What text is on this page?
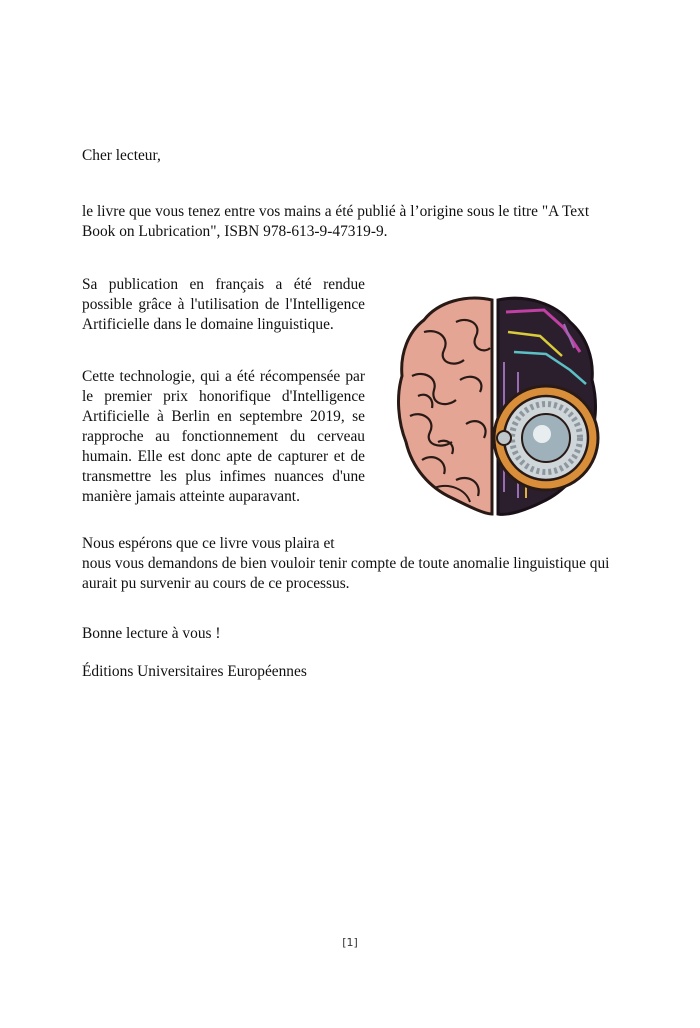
Cher lecteur,

le livre que vous tenez entre vos mains a été publié à l’origine sous le titre "A Text Book on Lubrication", ISBN 978-613-9-47319-9.

Sa publication en français a été rendue possible grâce à l'utilisation de l'Intelligence Artificielle dans le domaine linguistique.

Cette technologie, qui a été récompensée par le premier prix honorifique d'Intelligence Artificielle à Berlin en septembre 2019, se rapproche au fonctionnement du cerveau humain. Elle est donc apte de capturer et de transmettre les plus infimes nuances d'une manière jamais atteinte auparavant.

Nous espérons que ce livre vous plaira et

nous vous demandons de bien vouloir tenir compte de toute anomalie linguistique qui aurait pu survenir au cours de ce processus.

Bonne lecture à vous !

Éditions Universitaires Européennes

[1]
